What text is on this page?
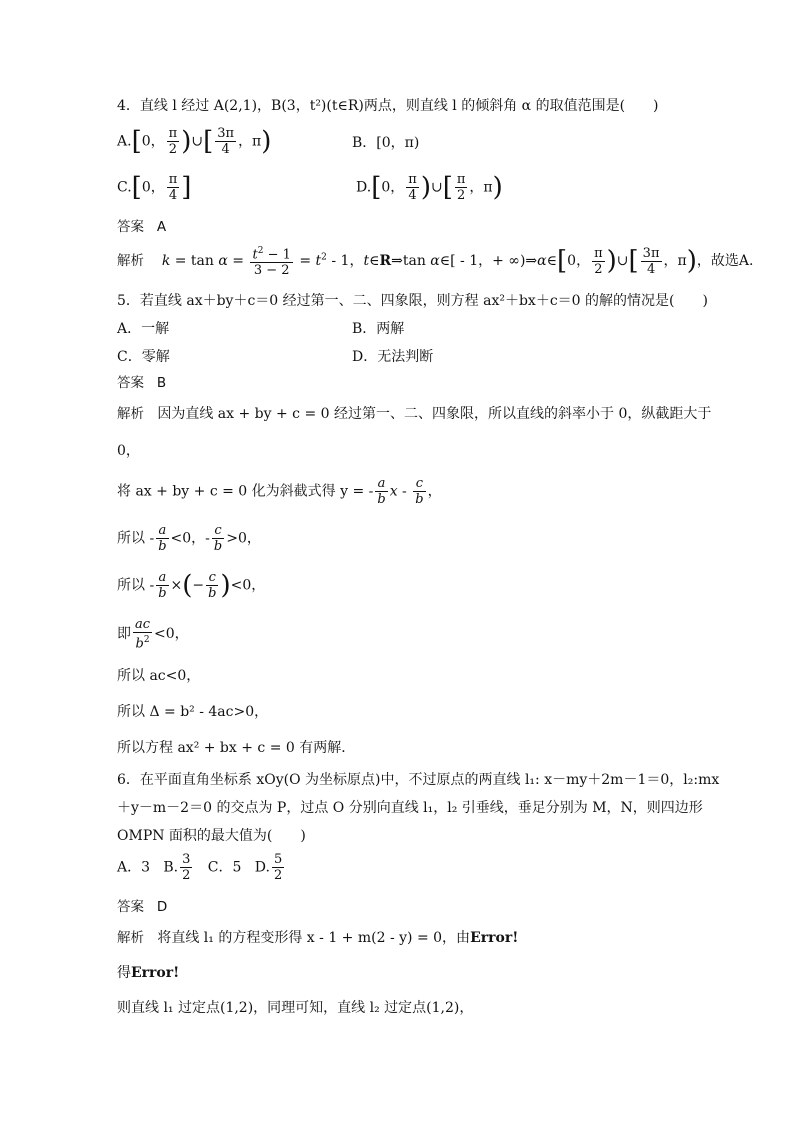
4．直线 l 经过 A(2,1)，B(3，t²)(t∈R)两点，则直线 l 的倾斜角 α 的取值范围是(　　)
A.[0， $\frac{\pi}{2}$ )∪[ $\frac{3\pi}{4}$ ，π)	B．[0，π)
C.[0， $\frac{\pi}{4}$ ]	D.[0， $\frac{\pi}{4}$ )∪[ $\frac{\pi}{2}$ ，π)
答案 A
解析 $k = \tan \alpha = \frac{t^2 - 1}{3 - 2} = t^2 - 1$，t∈R⇒tan α∈[ - 1，+ ∞)⇒α∈[0， $\frac{\pi}{2}$ )∪[ $\frac{3\pi}{4}$ ，π)，故选A.
5．若直线 ax＋by＋c＝0 经过第一、二、四象限，则方程 ax²＋bx＋c＝0 的解的情况是(　　)
A．一解	B．两解
C．零解	D．无法判断
答案 B
解析 因为直线 ax + by + c = 0 经过第一、二、四象限，所以直线的斜率小于 0，纵截距大于
0，
将 ax + by + c = 0 化为斜截式得 y = - $\frac{a}{b}$ x - $\frac{c}{b}$ ，
所以 - $\frac{a}{b} <0$，- $\frac{c}{b} >0$，
所以 - $\frac{a}{b}$ ×(− $\frac{c}{b} )<0$，
即 $\frac{ac}{b^2} <0$，
所以 ac<0，
所以 Δ = b² - 4ac>0，
所以方程 ax² + bx + c = 0 有两解．
6．在平面直角坐标系 xOy(O 为坐标原点)中，不过原点的两直线 l₁: x－my＋2m－1＝0，l₂:mx
＋y－m－2＝0 的交点为 P，过点 O 分别向直线 l₁，l₂ 引垂线，垂足分别为 M，N，则四边形
OMPN 面积的最大值为(　　)
A．3 B. $\frac{3}{2}$ C．5 D. $\frac{5}{2}$
答案 D
解析 将直线 l₁ 的方程变形得 x - 1 + m(2 - y) = 0，由Error!
得Error!
则直线 l₁ 过定点(1,2)，同理可知，直线 l₂ 过定点(1,2)，
